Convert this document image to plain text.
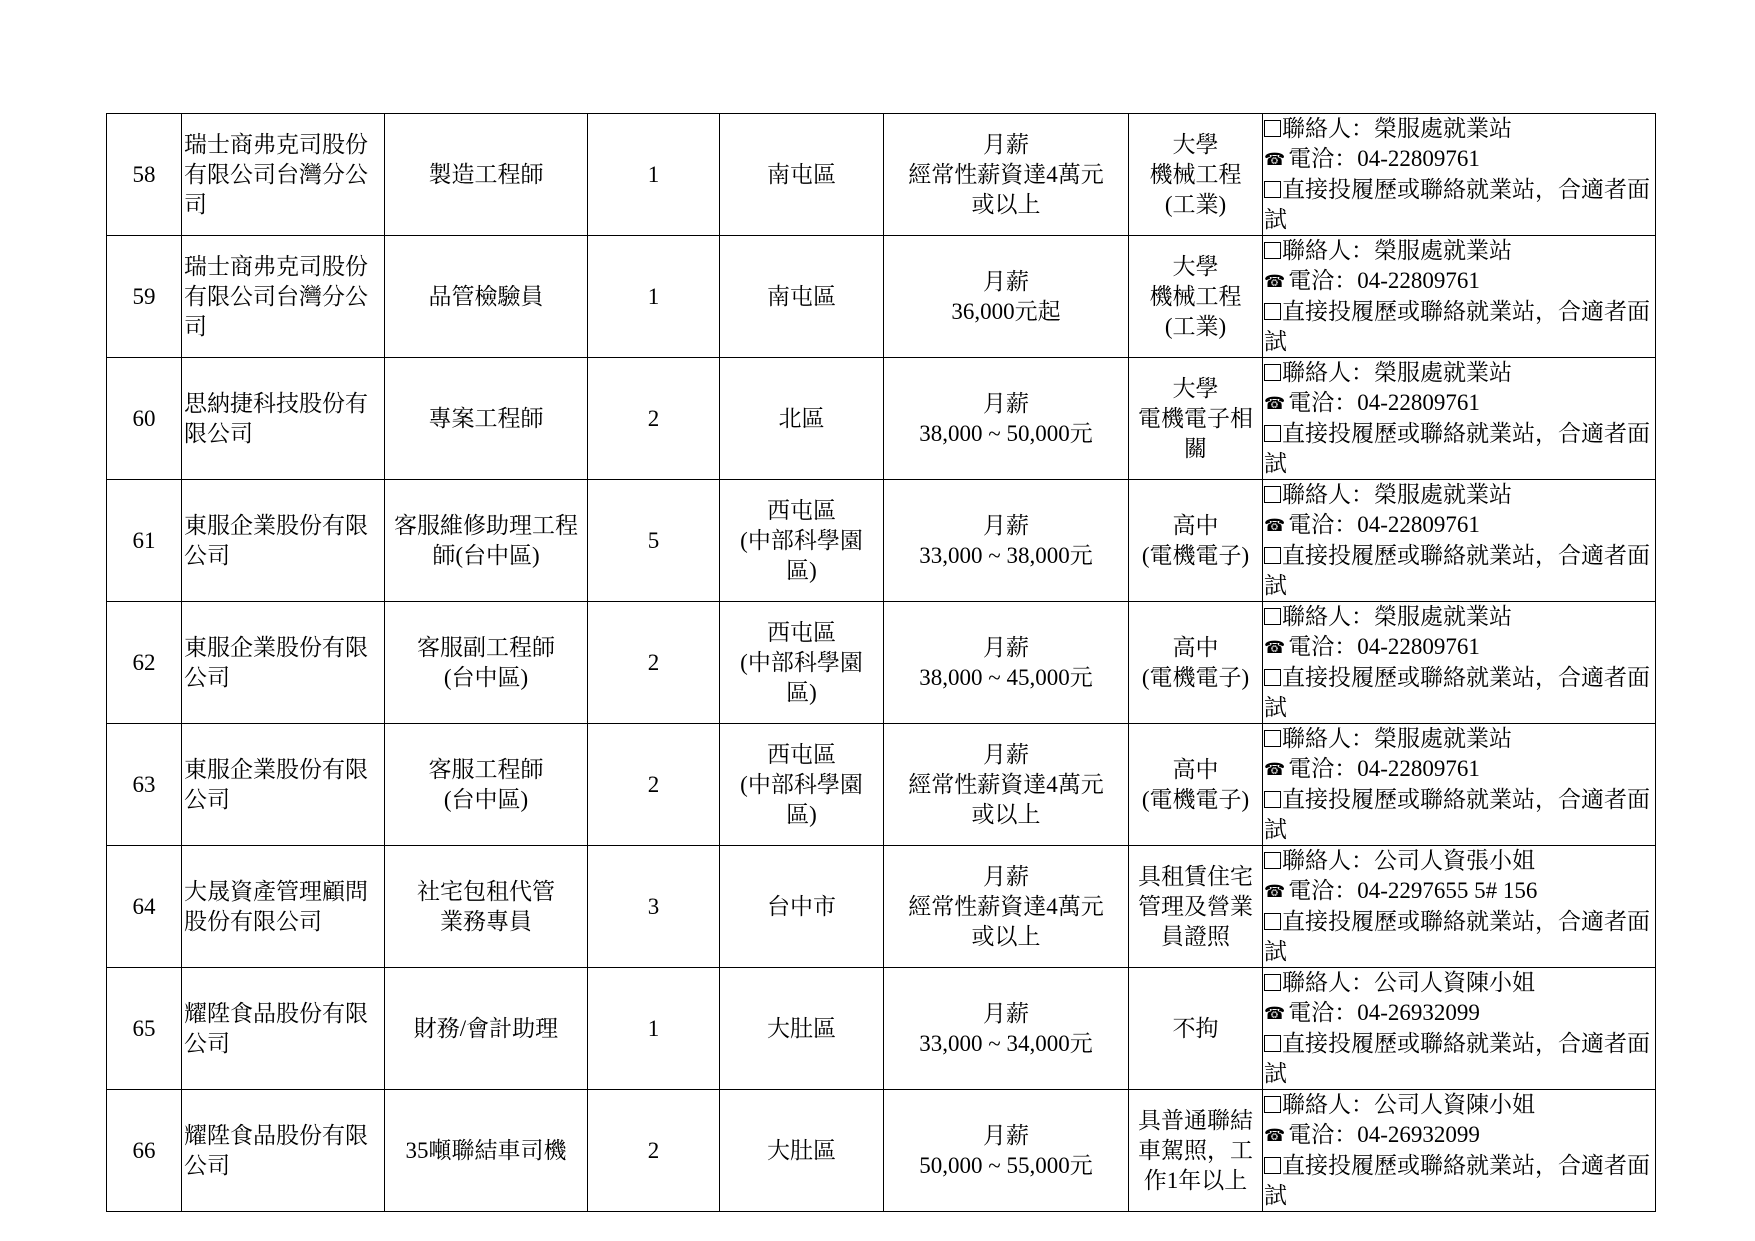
58	瑞士商弗克司股份有限公司台灣分公司	製造工程師	1	南屯區	月薪
經常性薪資達4萬元
或以上	大學
機械工程
(工業)	聯絡人：榮服處就業站
☎ 電洽：04-22809761
直接投履歷或聯絡就業站，合適者面
試

59	瑞士商弗克司股份有限公司台灣分公司	品管檢驗員	1	南屯區	月薪
36,000元起	大學
機械工程
(工業)	聯絡人：榮服處就業站
☎ 電洽：04-22809761
直接投履歷或聯絡就業站，合適者面
試

60	思納捷科技股份有限公司	專案工程師	2	北區	月薪
38,000 ~ 50,000元	大學
電機電子相
關	聯絡人：榮服處就業站
☎ 電洽：04-22809761
直接投履歷或聯絡就業站，合適者面
試

61	東服企業股份有限公司	客服維修助理工程師(台中區)	5	西屯區
(中部科學園
區)	月薪
33,000 ~ 38,000元	高中
(電機電子)	聯絡人：榮服處就業站
☎ 電洽：04-22809761
直接投履歷或聯絡就業站，合適者面
試

62	東服企業股份有限公司	客服副工程師
(台中區)	2	西屯區
(中部科學園
區)	月薪
38,000 ~ 45,000元	高中
(電機電子)	聯絡人：榮服處就業站
☎ 電洽：04-22809761
直接投履歷或聯絡就業站，合適者面
試

63	東服企業股份有限公司	客服工程師
(台中區)	2	西屯區
(中部科學園
區)	月薪
經常性薪資達4萬元
或以上	高中
(電機電子)	聯絡人：榮服處就業站
☎ 電洽：04-22809761
直接投履歷或聯絡就業站，合適者面
試

64	大晟資產管理顧問股份有限公司	社宅包租代管
業務專員	3	台中市	月薪
經常性薪資達4萬元
或以上	具租賃住宅
管理及營業
員證照	聯絡人：公司人資張小姐
☎ 電洽：04-2297655 5# 156
直接投履歷或聯絡就業站，合適者面
試

65	耀陞食品股份有限公司	財務/會計助理	1	大肚區	月薪
33,000 ~ 34,000元	不拘	聯絡人：公司人資陳小姐
☎ 電洽：04-26932099
直接投履歷或聯絡就業站，合適者面
試

66	耀陞食品股份有限公司	35噸聯結車司機	2	大肚區	月薪
50,000 ~ 55,000元	具普通聯結
車駕照，工
作1年以上	聯絡人：公司人資陳小姐
☎ 電洽：04-26932099
直接投履歷或聯絡就業站，合適者面
試
